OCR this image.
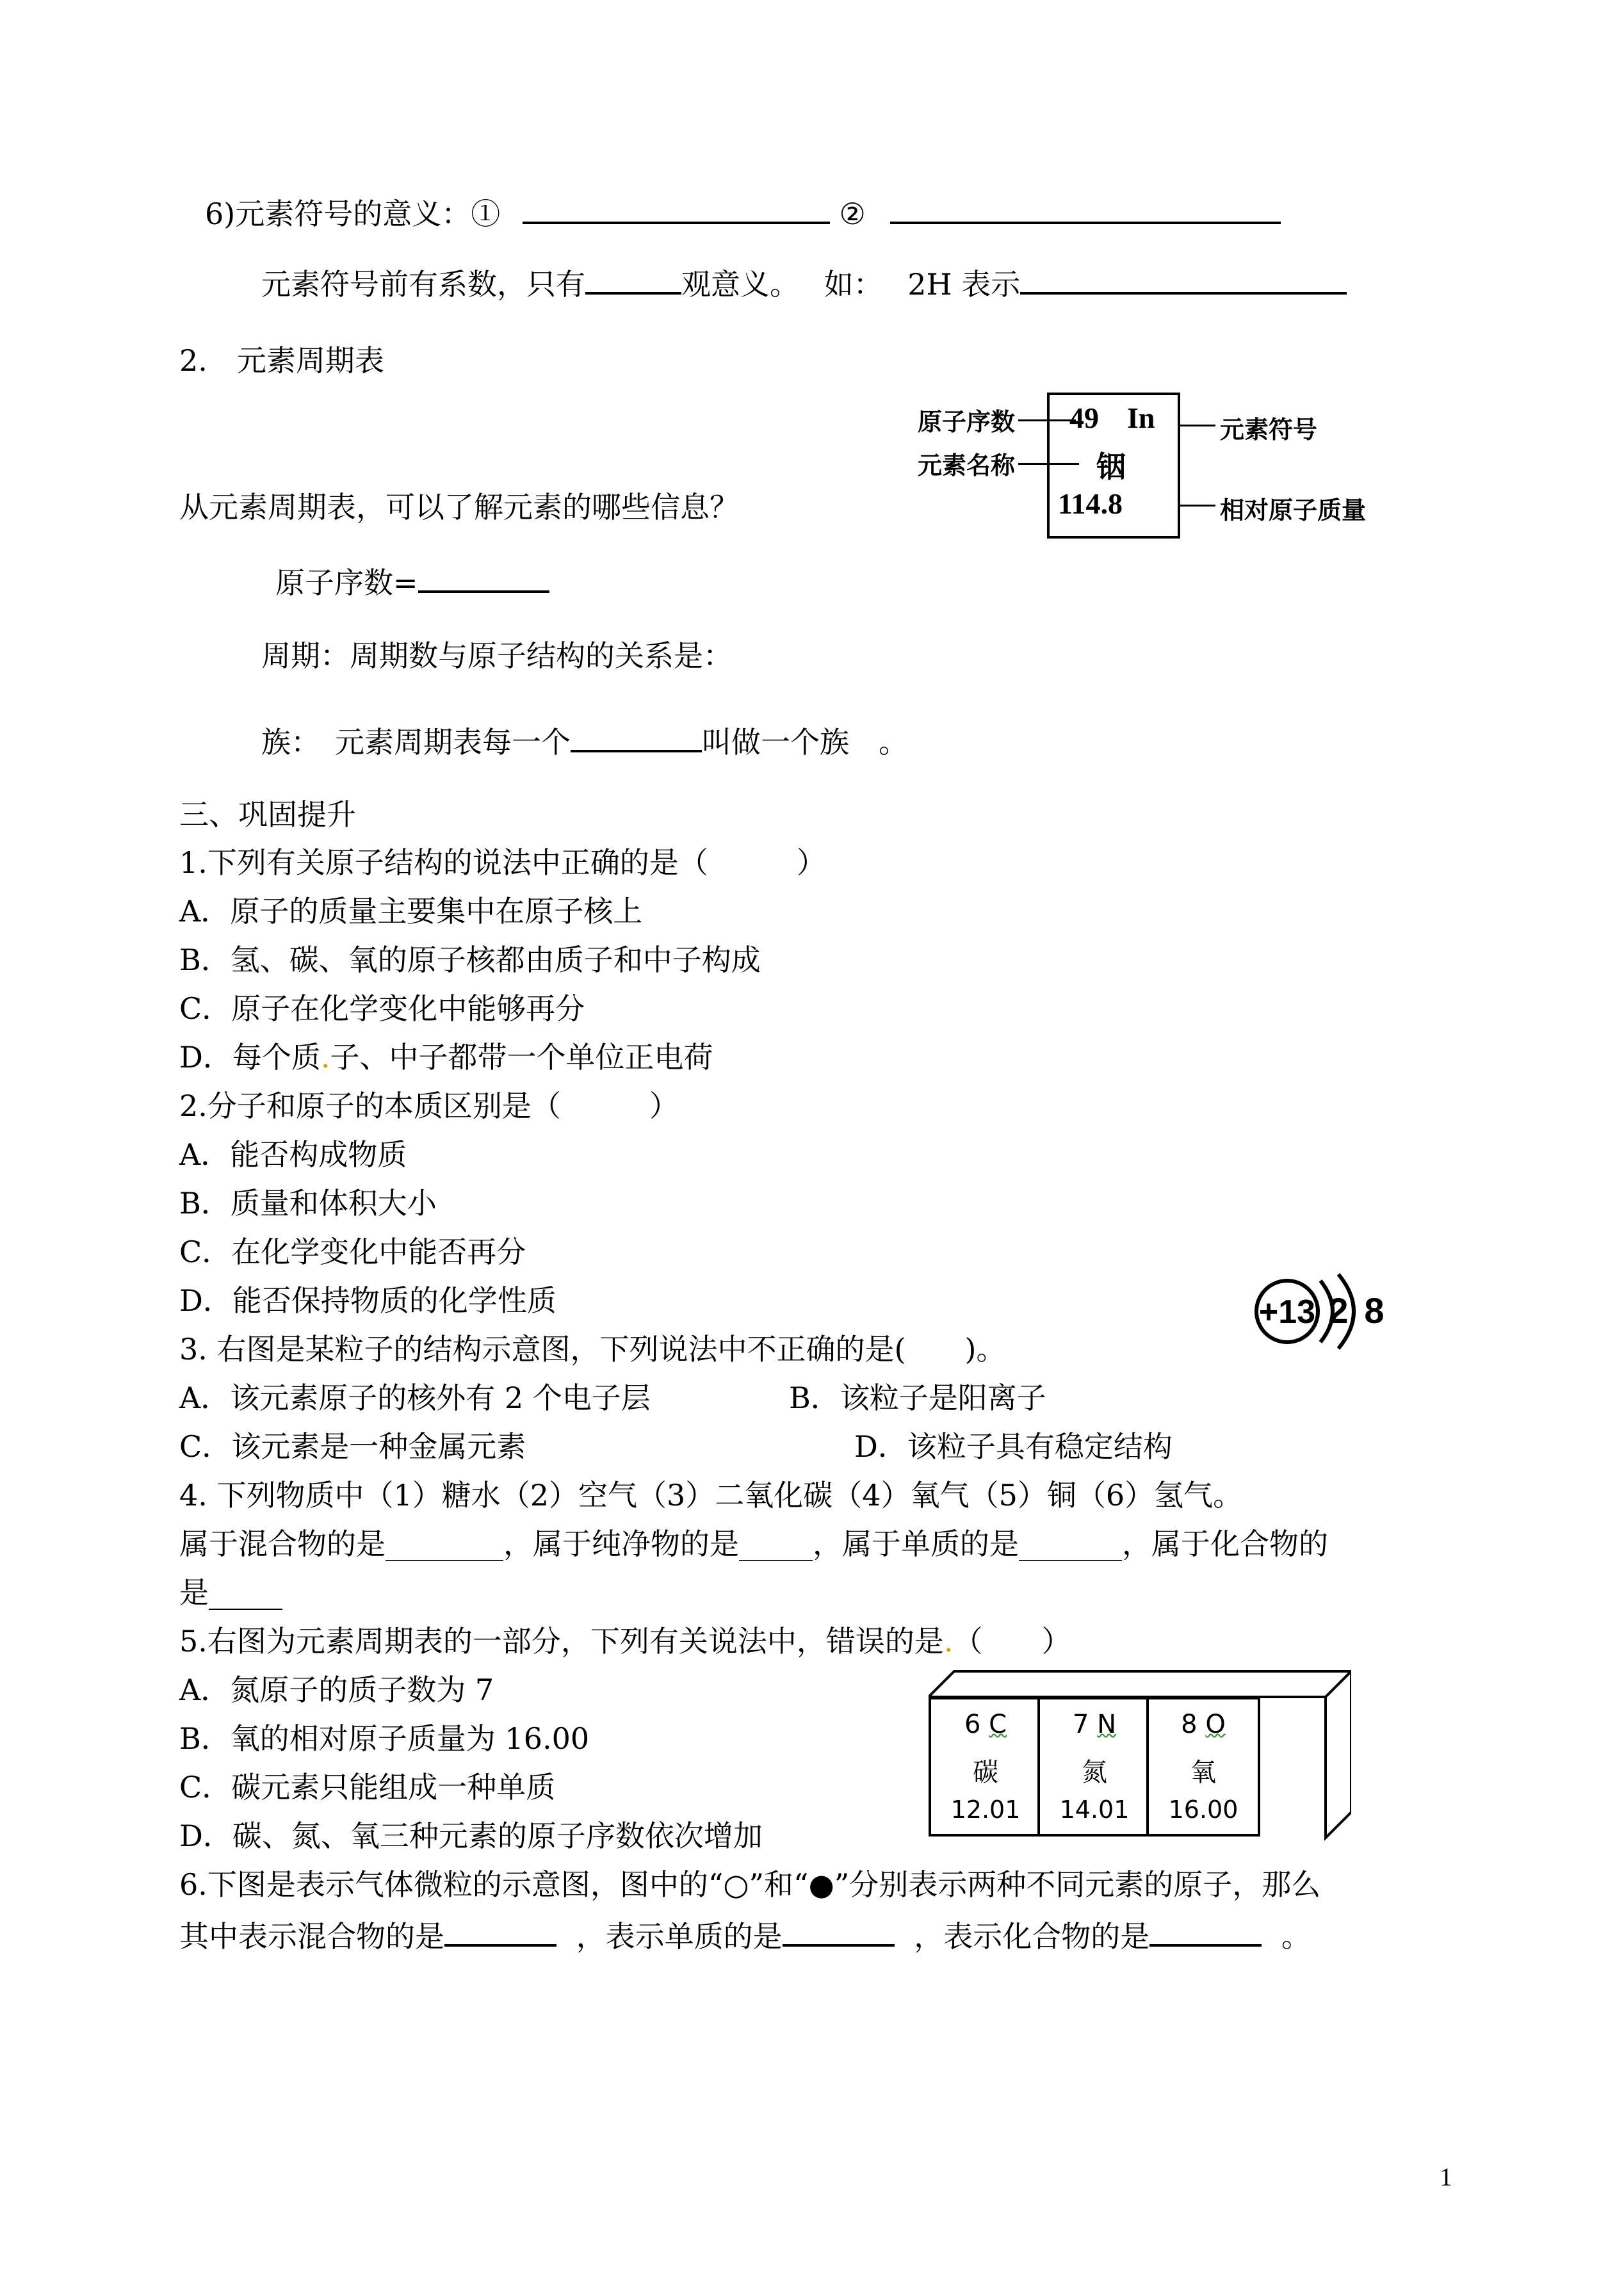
6)元素符号的意义：①	②
元素符号前有系数，只有	观意义。 如： 2H 表示
2.　元素周期表
原子序数
元素名称
49 In
铟
114.8
元素符号
相对原子质量
从元素周期表，可以了解元素的哪些信息？
原子序数=
周期：周期数与原子结构的关系是：
族：　元素周期表每一个	叫做一个族　。
三、巩固提升
1.下列有关原子结构的说法中正确的是（　　　）
A．原子的质量主要集中在原子核上
B．氢、碳、氧的原子核都由质子和中子构成
C．原子在化学变化中能够再分
D．每个质.子、中子都带一个单位正电荷
2.分子和原子的本质区别是（　　　）
A．能否构成物质
B．质量和体积大小
C．在化学变化中能否再分
D．能否保持物质的化学性质	+13 2 8
3. 右图是某粒子的结构示意图，下列说法中不正确的是(　　)。
A．该元素原子的核外有 2 个电子层	B．该粒子是阳离子
C．该元素是一种金属元素	D．该粒子具有稳定结构
4. 下列物质中（1）糖水（2）空气（3）二氧化碳（4）氧气（5）铜（6）氢气。
属于混合物的是________，属于纯净物的是_____，属于单质的是_______，属于化合物的
是_____
5.右图为元素周期表的一部分，下列有关说法中，错误的是.（　　）
A．氮原子的质子数为 7
B．氧的相对原子质量为 16.00
C．碳元素只能组成一种单质
D．碳、氮、氧三种元素的原子序数依次增加
6 C
碳
12.01
7 N
氮
14.01
8 O
氧
16.00
6.下图是表示气体微粒的示意图，图中的“○”和“●”分别表示两种不同元素的原子，那么
其中表示混合物的是	，表示单质的是	，表示化合物的是	。
1
